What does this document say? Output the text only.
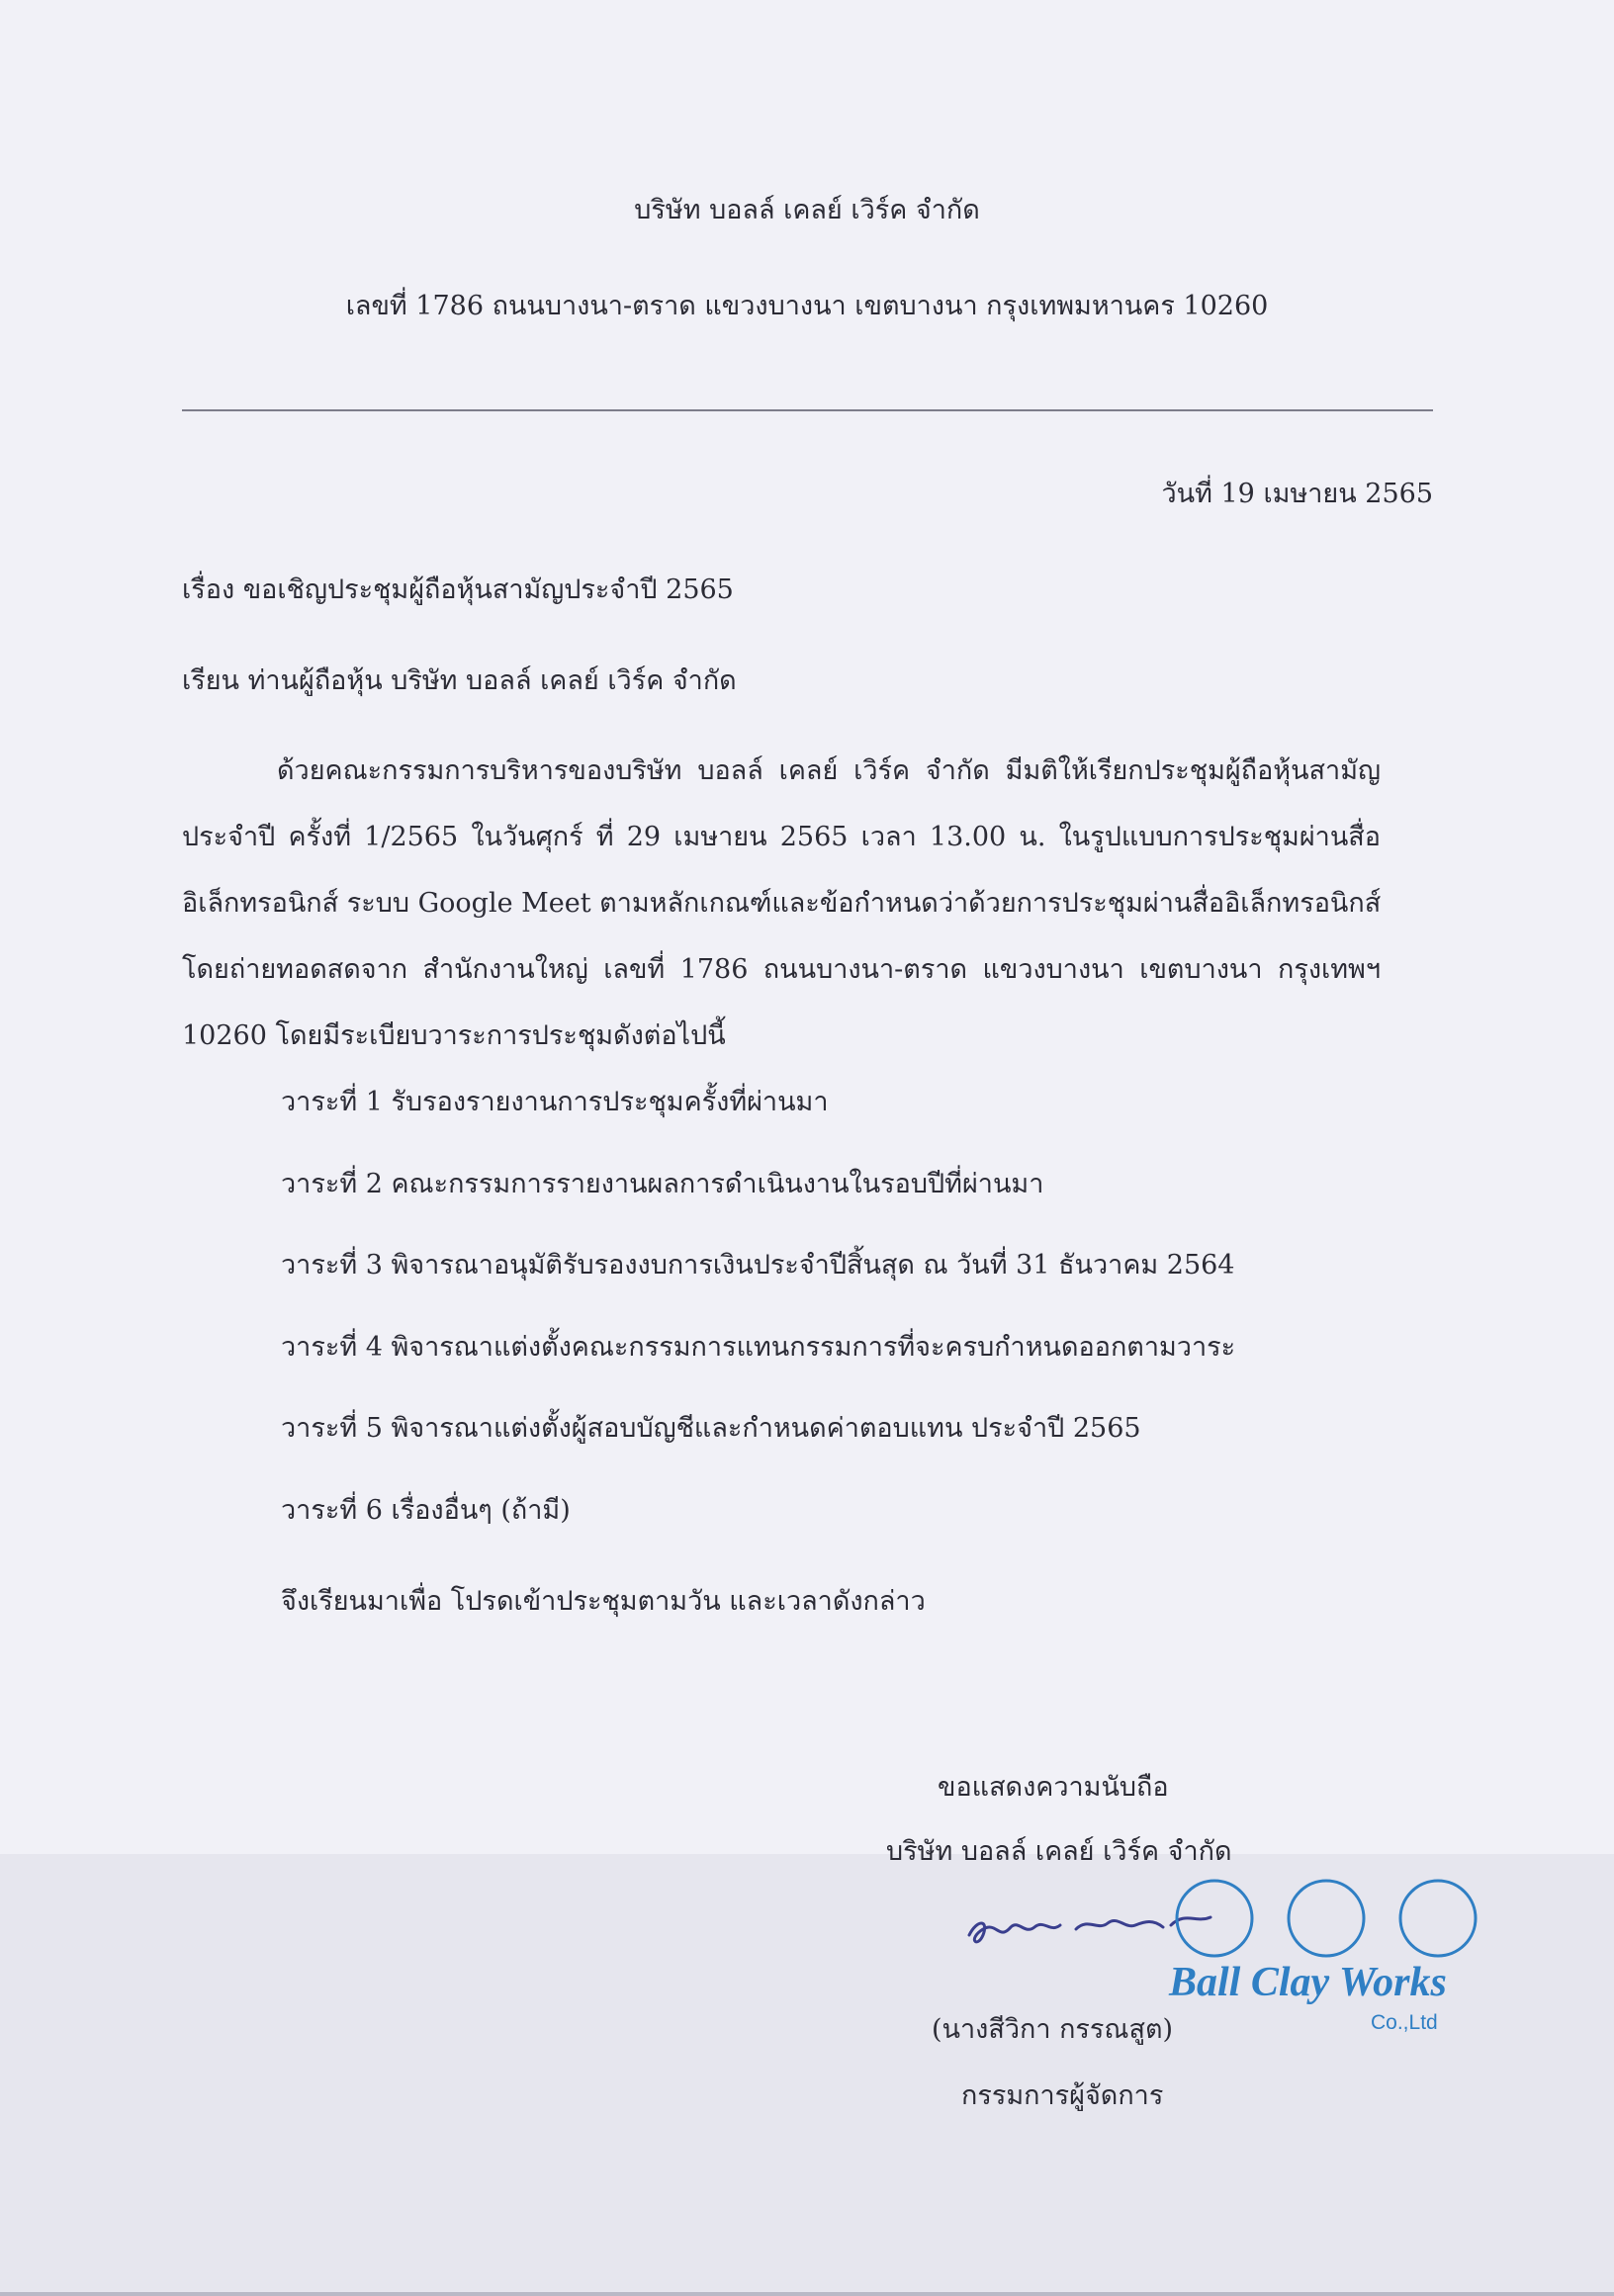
บริษัท บอลล์ เคลย์ เวิร์ค จำกัด
เลขที่ 1786 ถนนบางนา-ตราด แขวงบางนา เขตบางนา กรุงเทพมหานคร 10260
วันที่ 19 เมษายน 2565
เรื่อง ขอเชิญประชุมผู้ถือหุ้นสามัญประจำปี 2565
เรียน ท่านผู้ถือหุ้น บริษัท บอลล์ เคลย์ เวิร์ค จำกัด
ด้วยคณะกรรมการบริหารของบริษัท บอลล์ เคลย์ เวิร์ค จำกัด มีมติให้เรียกประชุมผู้ถือหุ้นสามัญ
ประจำปี ครั้งที่ 1/2565 ในวันศุกร์ ที่ 29 เมษายน 2565 เวลา 13.00 น. ในรูปแบบการประชุมผ่านสื่อ
อิเล็กทรอนิกส์ ระบบ Google Meet ตามหลักเกณฑ์และข้อกำหนดว่าด้วยการประชุมผ่านสื่ออิเล็กทรอนิกส์
โดยถ่ายทอดสดจาก สำนักงานใหญ่ เลขที่ 1786 ถนนบางนา-ตราด แขวงบางนา เขตบางนา กรุงเทพฯ
10260 โดยมีระเบียบวาระการประชุมดังต่อไปนี้
วาระที่ 1 รับรองรายงานการประชุมครั้งที่ผ่านมา
วาระที่ 2 คณะกรรมการรายงานผลการดำเนินงานในรอบปีที่ผ่านมา
วาระที่ 3 พิจารณาอนุมัติรับรองงบการเงินประจำปีสิ้นสุด ณ วันที่ 31 ธันวาคม 2564
วาระที่ 4 พิจารณาแต่งตั้งคณะกรรมการแทนกรรมการที่จะครบกำหนดออกตามวาระ
วาระที่ 5 พิจารณาแต่งตั้งผู้สอบบัญชีและกำหนดค่าตอบแทน ประจำปี 2565
วาระที่ 6 เรื่องอื่นๆ (ถ้ามี)
จึงเรียนมาเพื่อ โปรดเข้าประชุมตามวัน และเวลาดังกล่าว
ขอแสดงความนับถือ
บริษัท บอลล์ เคลย์ เวิร์ค จำกัด
Ball Clay Works
Co.,Ltd
(นางสีวิกา กรรณสูต)
กรรมการผู้จัดการ
